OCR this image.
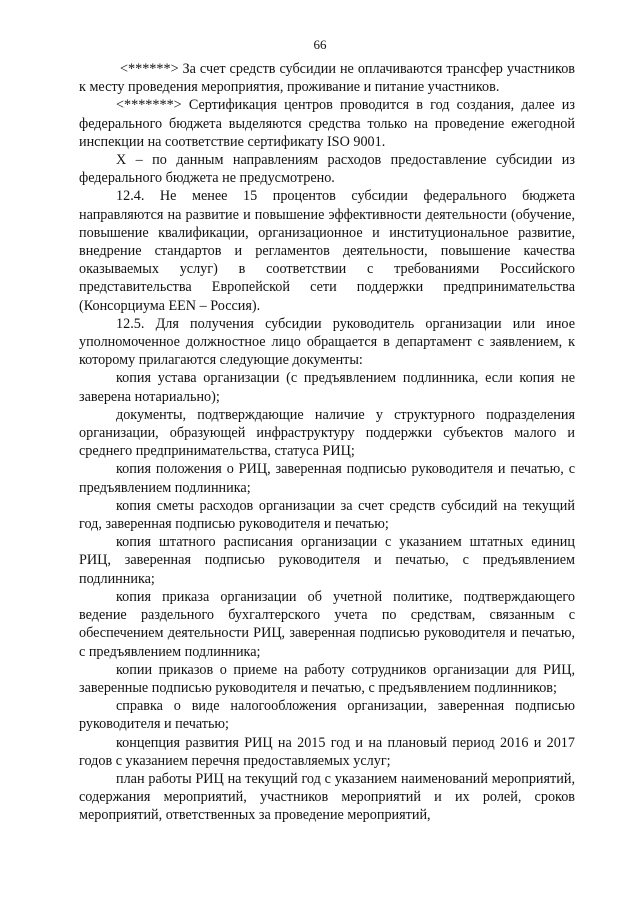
66

<******> За счет средств субсидии не оплачиваются трансфер участников к месту проведения мероприятия, проживание и питание участников.

<*******> Сертификация центров проводится в год создания, далее из федерального бюджета выделяются средства только на проведение ежегодной инспекции на соответствие сертификату ISO 9001.

Х – по данным направлениям расходов предоставление субсидии из федерального бюджета не предусмотрено.

12.4. Не менее 15 процентов субсидии федерального бюджета направляются на развитие и повышение эффективности деятельности (обучение, повышение квалификации, организационное и институциональное развитие, внедрение стандартов и регламентов деятельности, повышение качества оказываемых услуг) в соответствии с требованиями Российского представительства Европейской сети поддержки предпринимательства (Консорциума EEN – Россия).

12.5. Для получения субсидии руководитель организации или иное уполномоченное должностное лицо обращается в департамент с заявлением, к которому прилагаются следующие документы:

копия устава организации (с предъявлением подлинника, если копия не заверена нотариально);

документы, подтверждающие наличие у структурного подразделения организации, образующей инфраструктуру поддержки субъектов малого и среднего предпринимательства, статуса РИЦ;

копия положения о РИЦ, заверенная подписью руководителя и печатью, с предъявлением подлинника;

копия сметы расходов организации за счет средств субсидий на текущий год, заверенная подписью руководителя и печатью;

копия штатного расписания организации с указанием штатных единиц РИЦ, заверенная подписью руководителя и печатью, с предъявлением подлинника;

копия приказа организации об учетной политике, подтверждающего ведение раздельного бухгалтерского учета по средствам, связанным с обеспечением деятельности РИЦ, заверенная подписью руководителя и печатью, с предъявлением подлинника;

копии приказов о приеме на работу сотрудников организации для РИЦ, заверенные подписью руководителя и печатью, с предъявлением подлинников;

справка о виде налогообложения организации, заверенная подписью руководителя и печатью;

концепция развития РИЦ на 2015 год и на плановый период 2016 и 2017 годов с указанием перечня предоставляемых услуг;

план работы РИЦ на текущий год с указанием наименований мероприятий, содержания мероприятий, участников мероприятий и их ролей, сроков мероприятий, ответственных за проведение мероприятий,
